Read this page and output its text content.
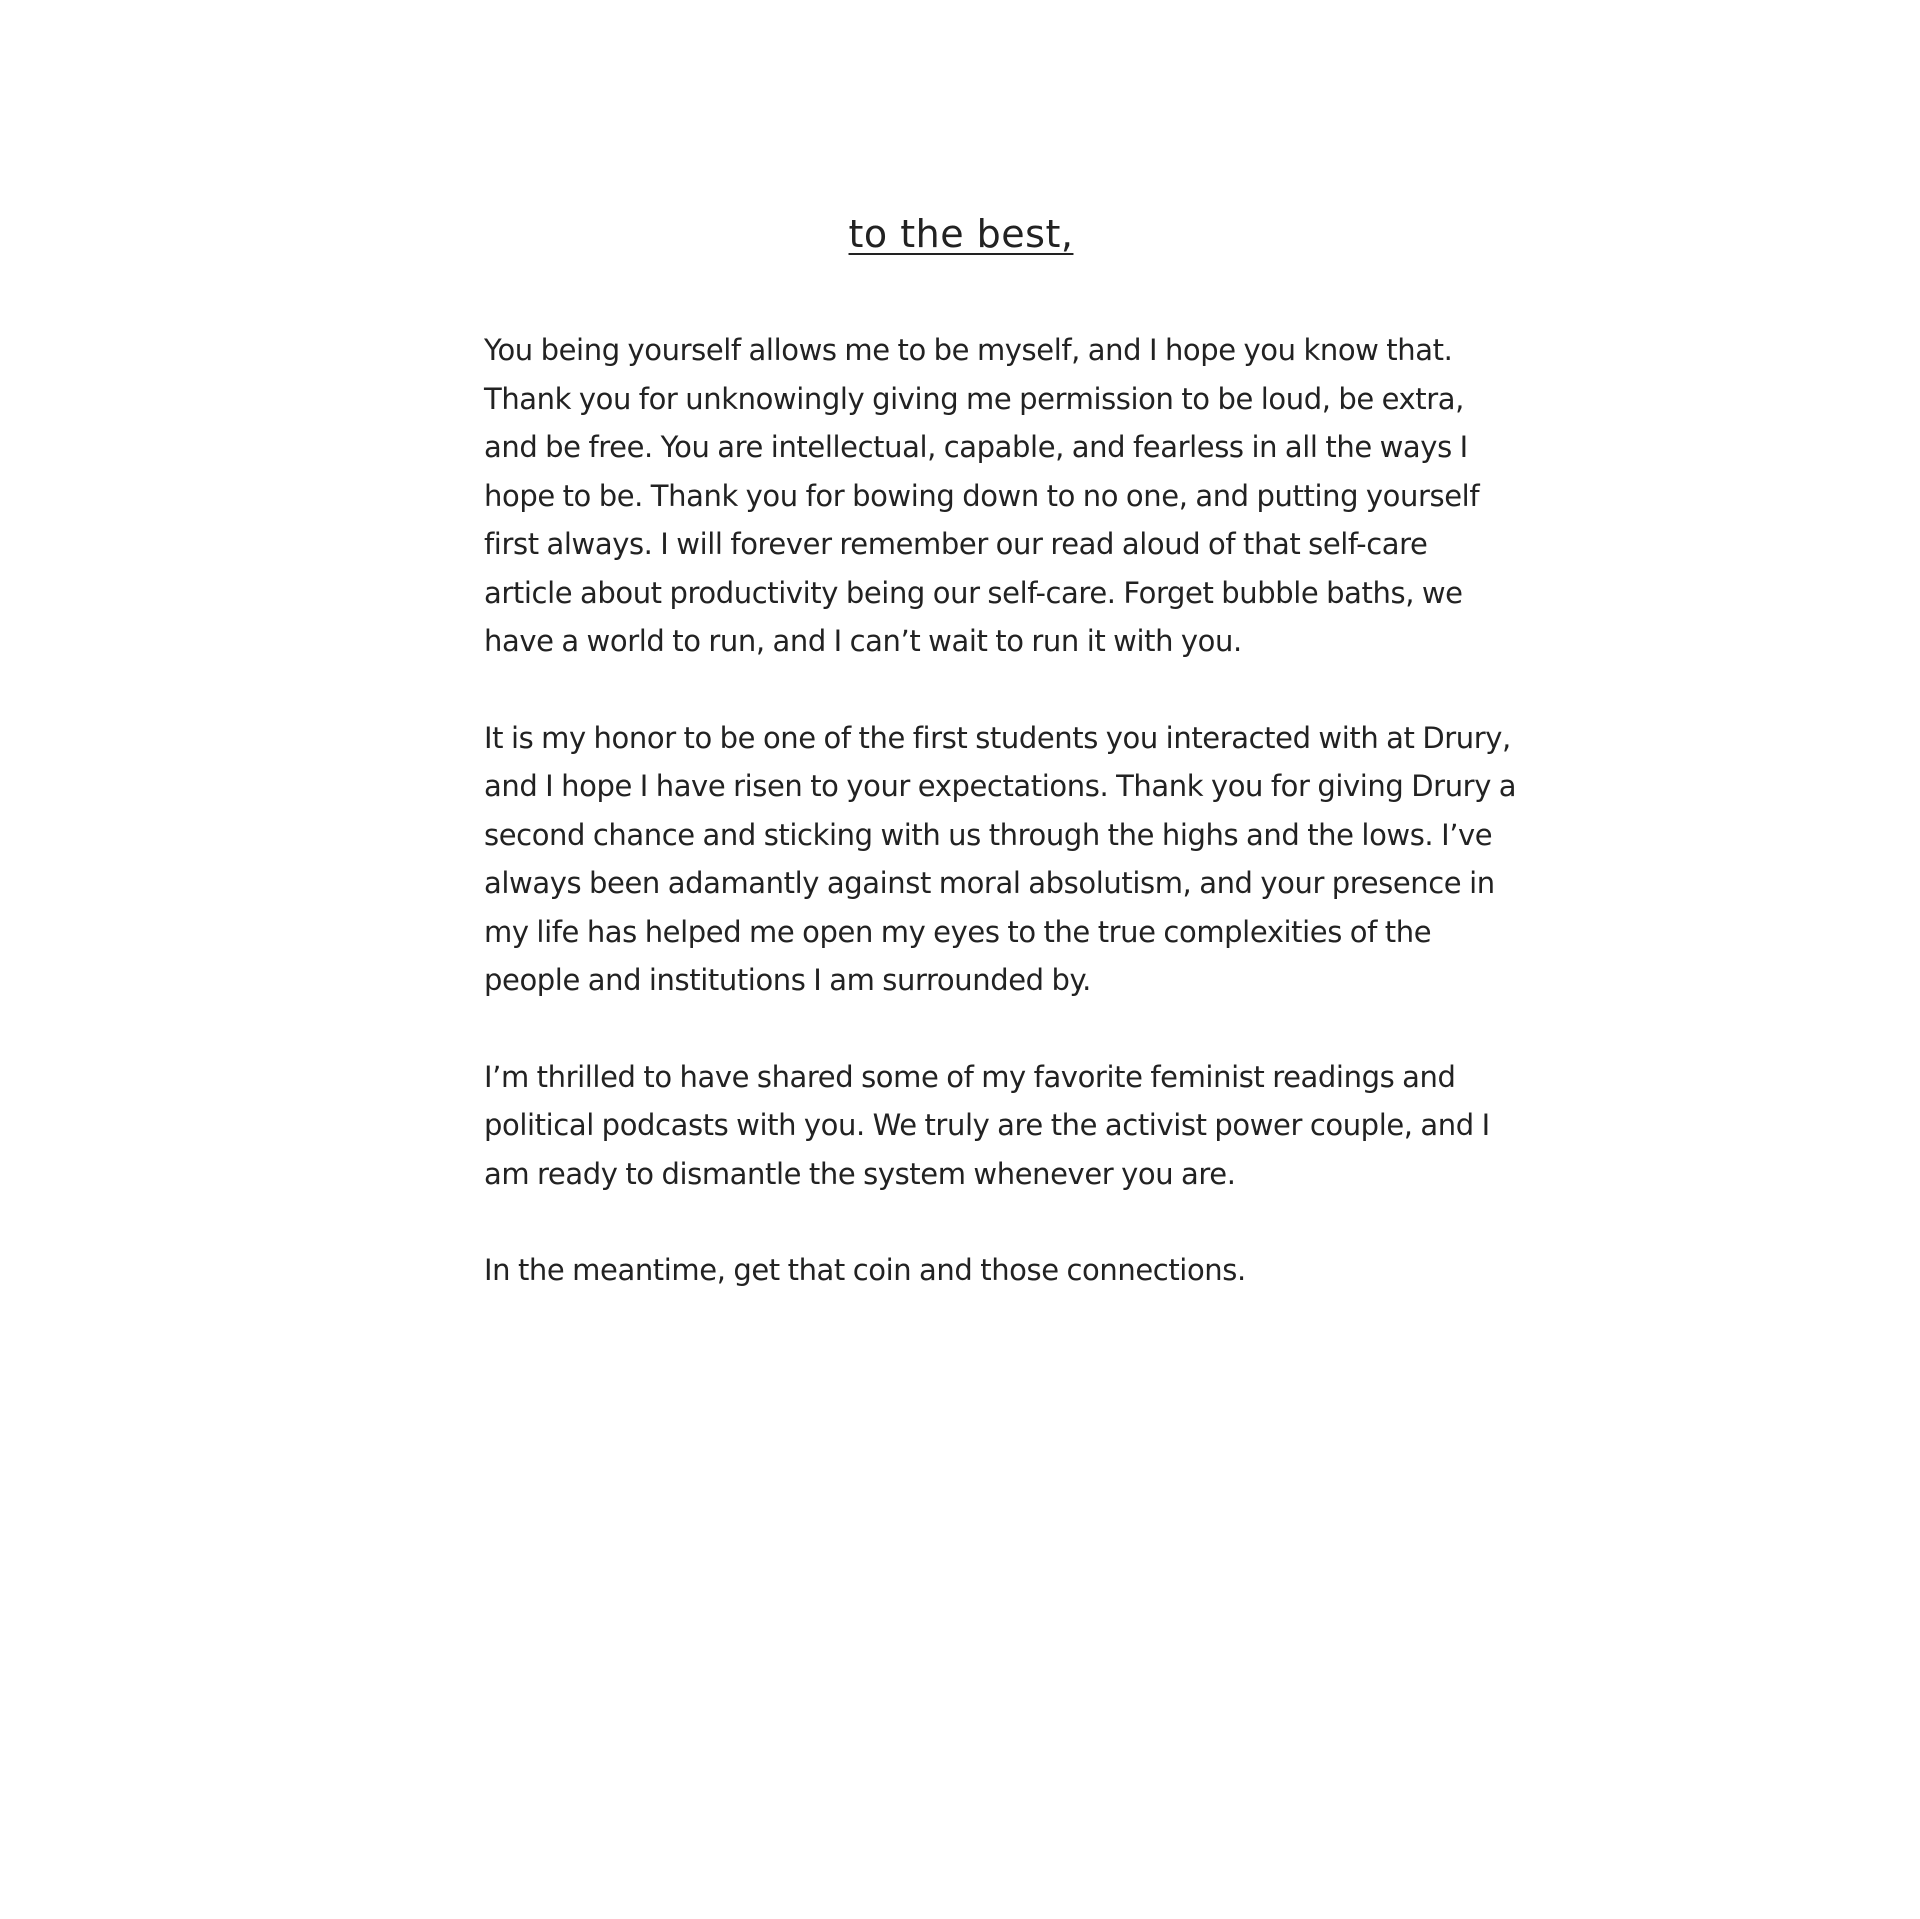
to the best,
You being yourself allows me to be myself, and I hope you know that.
Thank you for unknowingly giving me permission to be loud, be extra,
and be free. You are intellectual, capable, and fearless in all the ways I
hope to be. Thank you for bowing down to no one, and putting yourself
first always. I will forever remember our read aloud of that self-care
article about productivity being our self-care. Forget bubble baths, we
have a world to run, and I can’t wait to run it with you.
It is my honor to be one of the first students you interacted with at Drury,
and I hope I have risen to your expectations. Thank you for giving Drury a
second chance and sticking with us through the highs and the lows. I’ve
always been adamantly against moral absolutism, and your presence in
my life has helped me open my eyes to the true complexities of the
people and institutions I am surrounded by.
I’m thrilled to have shared some of my favorite feminist readings and
political podcasts with you. We truly are the activist power couple, and I
am ready to dismantle the system whenever you are.
In the meantime, get that coin and those connections.
